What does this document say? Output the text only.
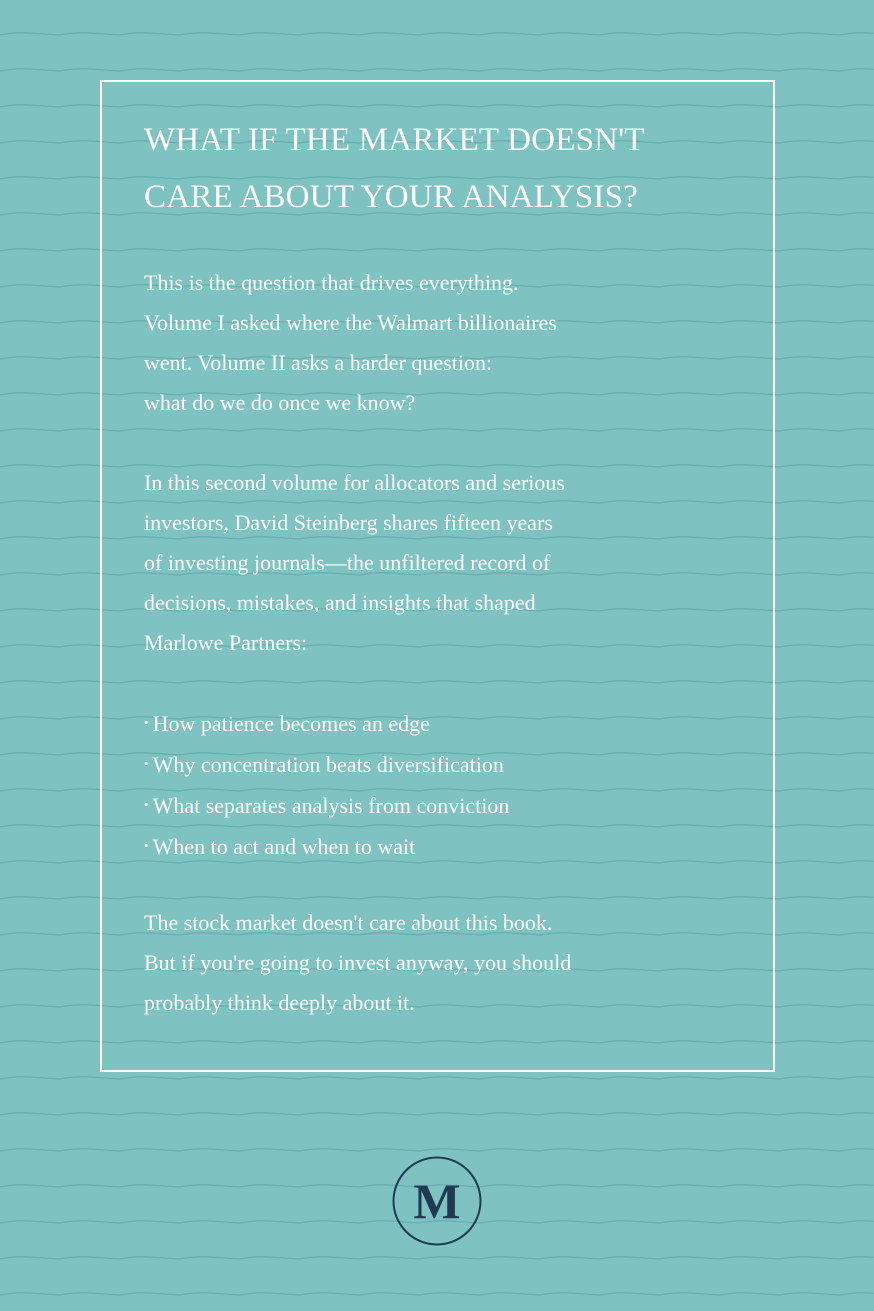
WHAT IF THE MARKET DOESN'T
CARE ABOUT YOUR ANALYSIS?
This is the question that drives everything.
Volume I asked where the Walmart billionaires
went. Volume II asks a harder question:
what do we do once we know?
In this second volume for allocators and serious
investors, David Steinberg shares fifteen years
of investing journals—the unfiltered record of
decisions, mistakes, and insights that shaped
Marlowe Partners:
• How patience becomes an edge
• Why concentration beats diversification
• What separates analysis from conviction
• When to act and when to wait
The stock market doesn't care about this book.
But if you're going to invest anyway, you should
probably think deeply about it.
M
